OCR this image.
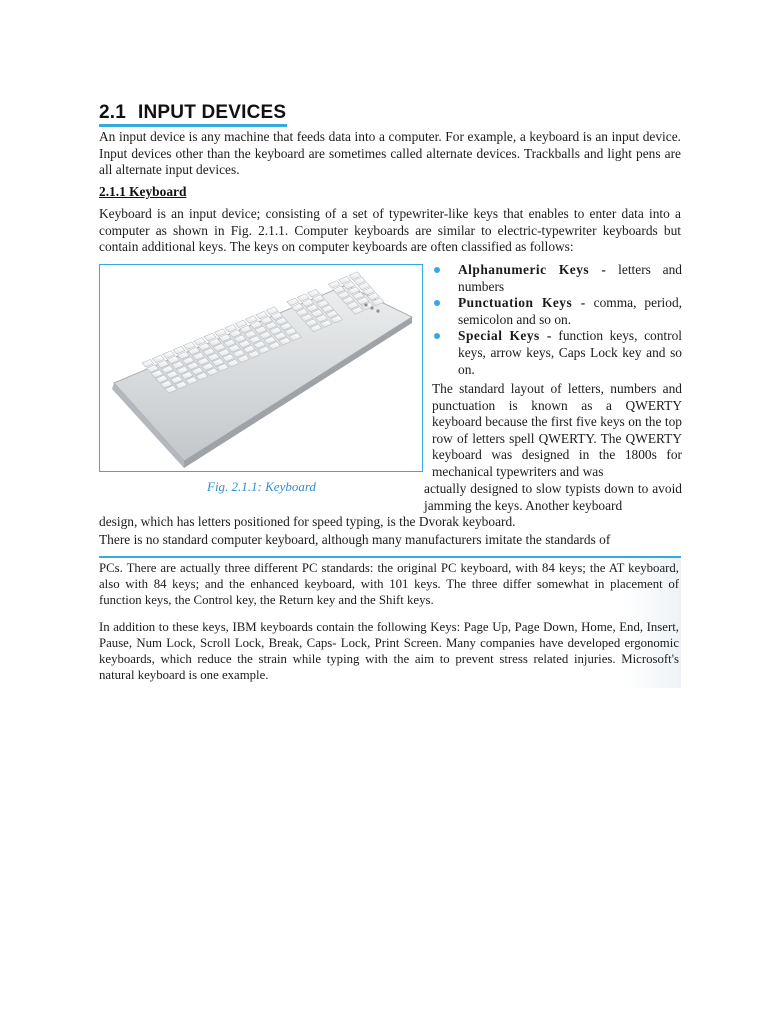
2.1 INPUT DEVICES
An input device is any machine that feeds data into a computer. For example, a keyboard is an input device. Input devices other than the keyboard are sometimes called alternate devices. Trackballs and light pens are all alternate input devices.
2.1.1 Keyboard
Keyboard is an input device; consisting of a set of typewriter-like keys that enables to enter data into a computer as shown in Fig. 2.1.1. Computer keyboards are similar to electric-typewriter keyboards but contain additional keys. The keys on computer keyboards are often classified as follows:
Fig. 2.1.1: Keyboard
Alphanumeric Keys - letters and numbers
Punctuation Keys - comma, period, semicolon and so on.
Special Keys - function keys, control keys, arrow keys, Caps Lock key and so on.
The standard layout of letters, numbers and punctuation is known as a QWERTY keyboard because the first five keys on the top row of letters spell QWERTY. The QWERTY keyboard was designed in the 1800s for mechanical typewriters and was
actually designed to slow typists down to avoid jamming the keys. Another keyboard
design, which has letters positioned for speed typing, is the Dvorak keyboard.
There is no standard computer keyboard, although many manufacturers imitate the standards of
PCs. There are actually three different PC standards: the original PC keyboard, with 84 keys; the AT keyboard, also with 84 keys; and the enhanced keyboard, with 101 keys. The three differ somewhat in placement of function keys, the Control key, the Return key and the Shift keys.
In addition to these keys, IBM keyboards contain the following Keys: Page Up, Page Down, Home, End, Insert, Pause, Num Lock, Scroll Lock, Break, Caps- Lock, Print Screen. Many companies have developed ergonomic keyboards, which reduce the strain while typing with the aim to prevent stress related injuries. Microsoft's natural keyboard is one example.
